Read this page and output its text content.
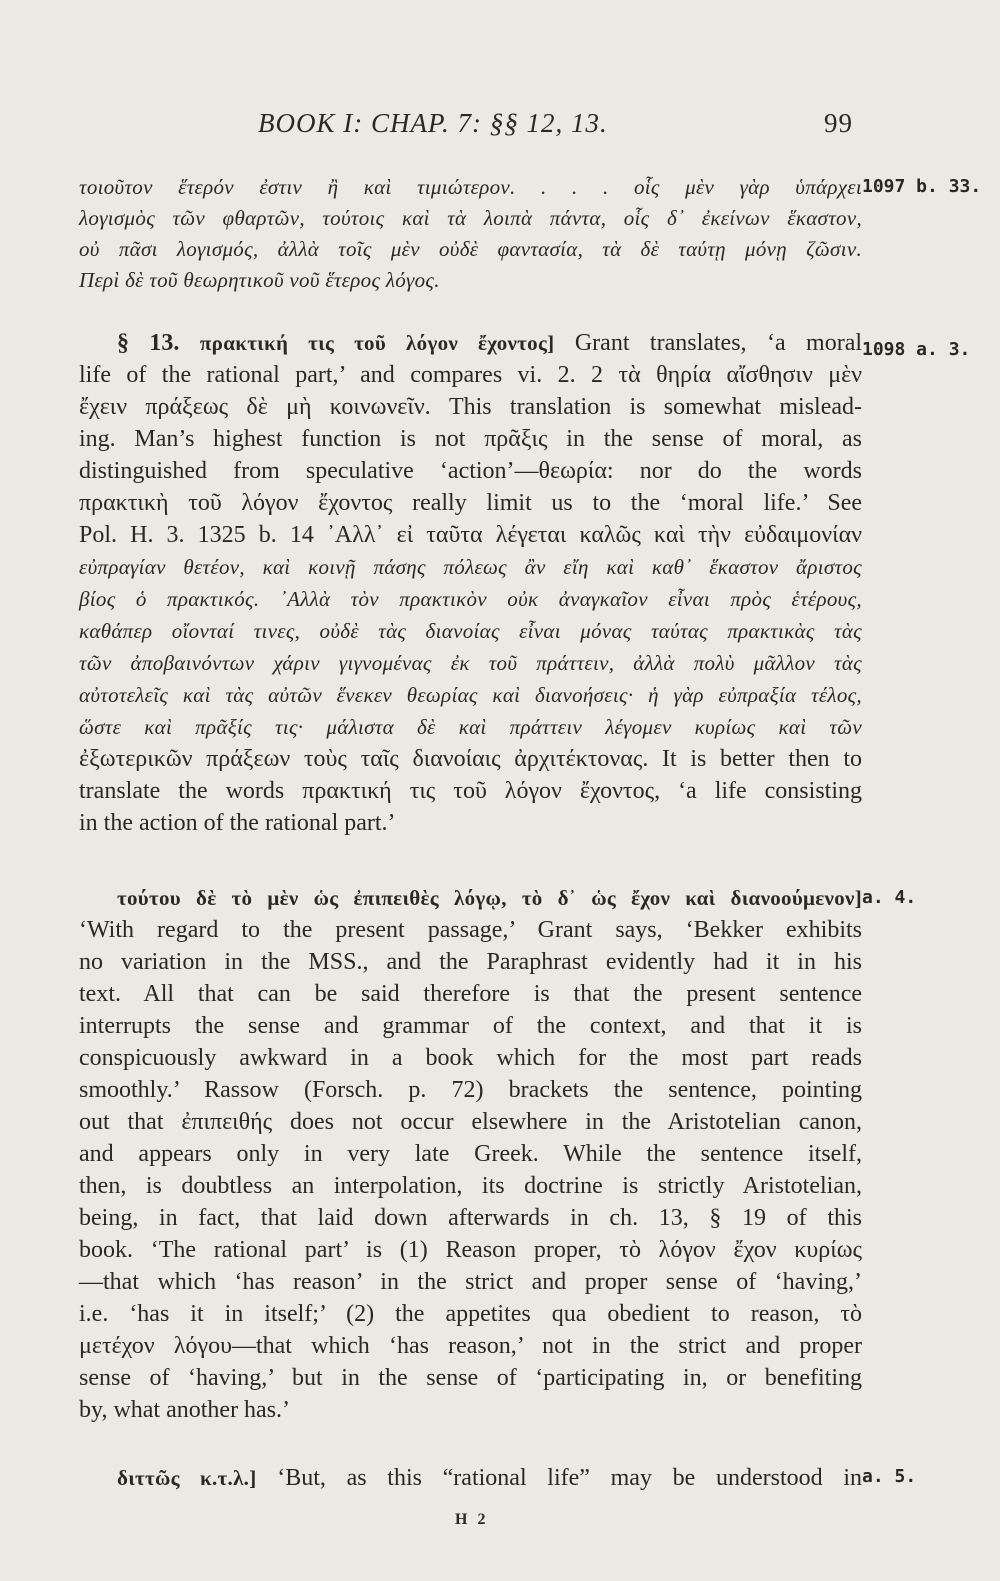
BOOK I: CHAP. 7: §§ 12, 13.	99
τοιοῦτον ἕτερόν ἐστιν ἢ καὶ τιμιώτερον. . . . οἷς μὲν γὰρ ὑπάρχει
λογισμὸς τῶν φθαρτῶν, τούτοις καὶ τὰ λοιπὰ πάντα, οἷς δ᾽ ἐκείνων ἕκαστον,
οὐ πᾶσι λογισμός, ἀλλὰ τοῖς μὲν οὐδὲ φαντασία, τὰ δὲ ταύτῃ μόνῃ ζῶσιν.
Περὶ δὲ τοῦ θεωρητικοῦ νοῦ ἕτερος λόγος.
1097 b. 33.
§ 13. πρακτική τις τοῦ λόγον ἔχοντος] Grant translates, ‘a moral
life of the rational part,’ and compares vi. 2. 2 τὰ θηρία αἴσθησιν μὲν
ἔχειν πράξεως δὲ μὴ κοινωνεῖν. This translation is somewhat mislead-
ing. Man’s highest function is not πρᾶξις in the sense of moral, as
distinguished from speculative ‘action’—θεωρία: nor do the words
πρακτικὴ τοῦ λόγον ἔχοντος really limit us to the ‘moral life.’ See
Pol. H. 3. 1325 b. 14 ᾿Αλλ᾽ εἰ ταῦτα λέγεται καλῶς καὶ τὴν εὐδαιμονίαν
εὐπραγίαν θετέον, καὶ κοινῇ πάσης πόλεως ἂν εἴη καὶ καθ᾽ ἕκαστον ἄριστος
βίος ὁ πρακτικός. ᾿Αλλὰ τὸν πρακτικὸν οὐκ ἀναγκαῖον εἶναι πρὸς ἑτέρους,
καθάπερ οἴονταί τινες, οὐδὲ τὰς διανοίας εἶναι μόνας ταύτας πρακτικὰς τὰς
τῶν ἀποβαινόντων χάριν γιγνομένας ἐκ τοῦ πράττειν, ἀλλὰ πολὺ μᾶλλον τὰς
αὐτοτελεῖς καὶ τὰς αὐτῶν ἕνεκεν θεωρίας καὶ διανοήσεις· ἡ γὰρ εὐπραξία τέλος,
ὥστε καὶ πρᾶξίς τις· μάλιστα δὲ καὶ πράττειν λέγομεν κυρίως καὶ τῶν
ἐξωτερικῶν πράξεων τοὺς ταῖς διανοίαις ἀρχιτέκτονας. It is better then to
translate the words πρακτική τις τοῦ λόγον ἔχοντος, ‘a life consisting
in the action of the rational part.’
1098 a. 3.
τούτου δὲ τὸ μὲν ὡς ἐπιπειθὲς λόγῳ, τὸ δ᾽ ὡς ἔχον καὶ διανοούμενον]
‘With regard to the present passage,’ Grant says, ‘Bekker exhibits
no variation in the MSS., and the Paraphrast evidently had it in his
text. All that can be said therefore is that the present sentence
interrupts the sense and grammar of the context, and that it is
conspicuously awkward in a book which for the most part reads
smoothly.’ Rassow (Forsch. p. 72) brackets the sentence, pointing
out that ἐπιπειθής does not occur elsewhere in the Aristotelian canon,
and appears only in very late Greek. While the sentence itself,
then, is doubtless an interpolation, its doctrine is strictly Aristotelian,
being, in fact, that laid down afterwards in ch. 13, § 19 of this
book. ‘The rational part’ is (1) Reason proper, τὸ λόγον ἔχον κυρίως
—that which ‘has reason’ in the strict and proper sense of ‘having,’
i.e. ‘has it in itself;’ (2) the appetites qua obedient to reason, τὸ
μετέχον λόγου—that which ‘has reason,’ not in the strict and proper
sense of ‘having,’ but in the sense of ‘participating in, or benefiting
by, what another has.’
a. 4.
διττῶς κ.τ.λ.] ‘But, as this “rational life” may be understood in a. 5.
H 2
